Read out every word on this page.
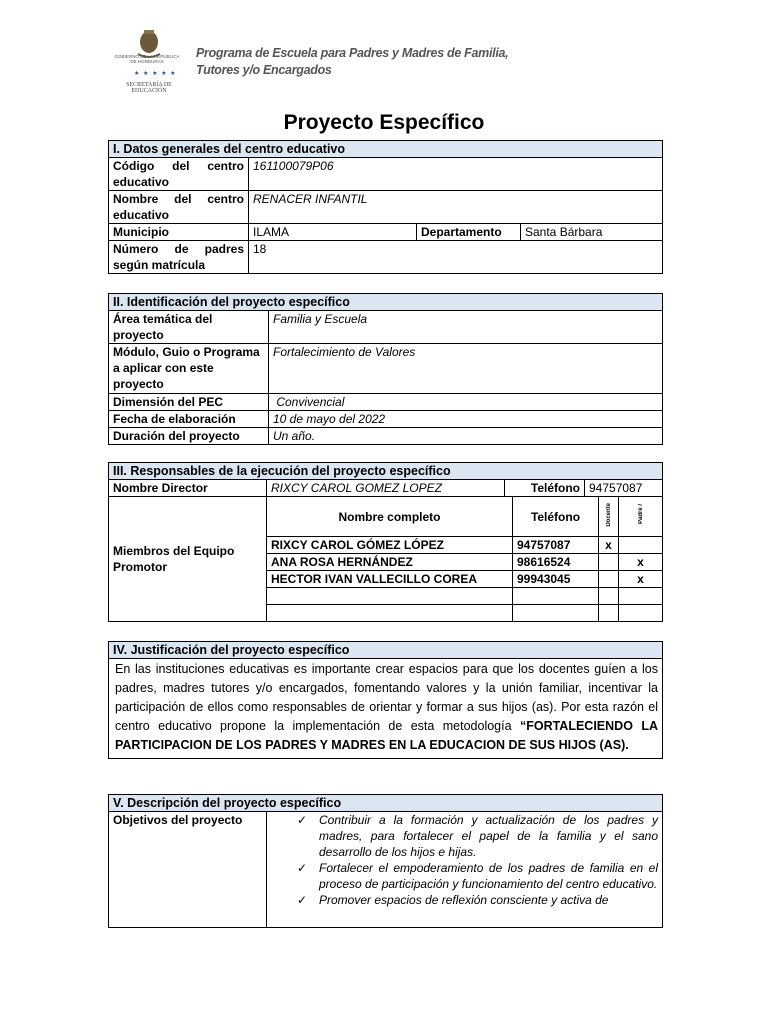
GOBIERNO DE LA REPÚBLICA DE HONDURAS
★ ★ ★ ★ ★
SECRETARÍA DE EDUCACIÓN
Programa de Escuela para Padres y Madres de Familia,
Tutores y/o Encargados
Proyecto Específico
I. Datos generales del centro educativo			
Código del centro educativo	161100079P06		
Nombre del centro educativo	RENACER INFANTIL		
Municipio	ILAMA	Departamento	Santa Bárbara
Número de padres según matrícula	18		
II. Identificación del proyecto específico	
Área temática del proyecto	Familia y Escuela
Módulo, Guio o Programa a aplicar con este proyecto	Fortalecimiento de Valores
Dimensión del PEC	Convivencial
Fecha de elaboración	10 de mayo del 2022
Duración del proyecto	Un año.
III. Responsables de la ejecución del proyecto específico						
Nombre Director	RIXCY CAROL GOMEZ LOPEZ	Teléfono		94757087		
Miembros del Equipo Promotor	Nombre completo		Teléfono		Docente	Padre /
	RIXCY CAROL GÓMEZ LÓPEZ		94757087		x	
	ANA ROSA HERNÁNDEZ		98616524			x
	HECTOR IVAN VALLECILLO COREA		99943045			x

IV. Justificación del proyecto específico
En las instituciones educativas es importante crear espacios para que los docentes guíen a los padres, madres tutores y/o encargados, fomentando valores y la unión familiar, incentivar la participación de ellos como responsables de orientar y formar a sus hijos (as). Por esta razón el centro educativo propone la implementación de esta metodología “FORTALECIENDO LA PARTICIPACION DE LOS PADRES Y MADRES EN LA EDUCACION DE SUS HIJOS (AS).
V. Descripción del proyecto específico
Objetivos del proyecto	✓ Contribuir a la formación y actualización de los padres y madres, para fortalecer el papel de la familia y el sano desarrollo de los hijos e hijas.
✓ Fortalecer el empoderamiento de los padres de familia en el proceso de participación y funcionamiento del centro educativo.
✓ Promover espacios de reflexión consciente y activa de
